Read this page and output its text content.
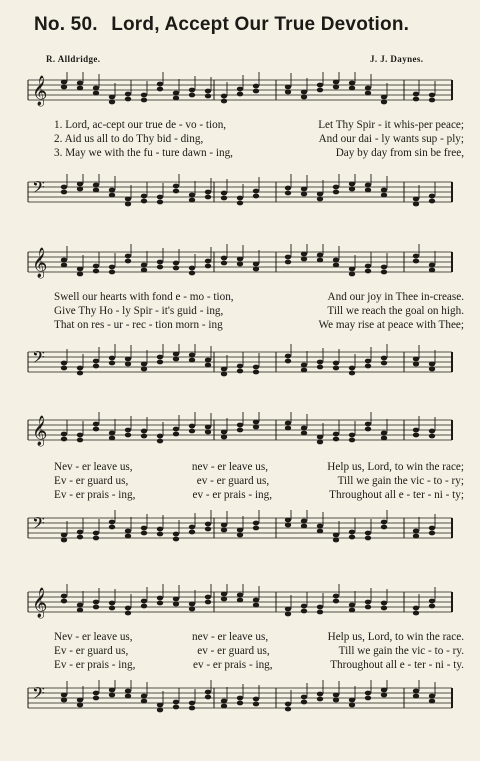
No. 50. Lord, Accept Our True Devotion.
R. Alldridge.	J. J. Daynes.
𝄞
1. Lord, ac-cept our true de - vo - tion,	Let Thy Spir - it whis-per peace;
2. Aid us all to do Thy bid - ding,	And our dai - ly wants sup - ply;
3. May we with the fu - ture dawn - ing,	Day by day from sin be free,
𝄢
𝄞
Swell our hearts with fond e - mo - tion,	And our joy in Thee in-crease.
Give Thy Ho - ly Spir - it's guid - ing,	Till we reach the goal on high.
That on res - ur - rec - tion morn - ing	We may rise at peace with Thee;
𝄢
𝄞
Nev - er leave us,	nev - er leave us,	Help us, Lord, to win the race;
Ev - er guard us,	ev - er guard us,	Till we gain the vic - to - ry;
Ev - er prais - ing,	ev - er prais - ing,	Throughout all e - ter - ni - ty;
𝄢
𝄞
Nev - er leave us,	nev - er leave us,	Help us, Lord, to win the race.
Ev - er guard us,	ev - er guard us,	Till we gain the vic - to - ry.
Ev - er prais - ing,	ev - er prais - ing,	Throughout all e - ter - ni - ty.
𝄢
